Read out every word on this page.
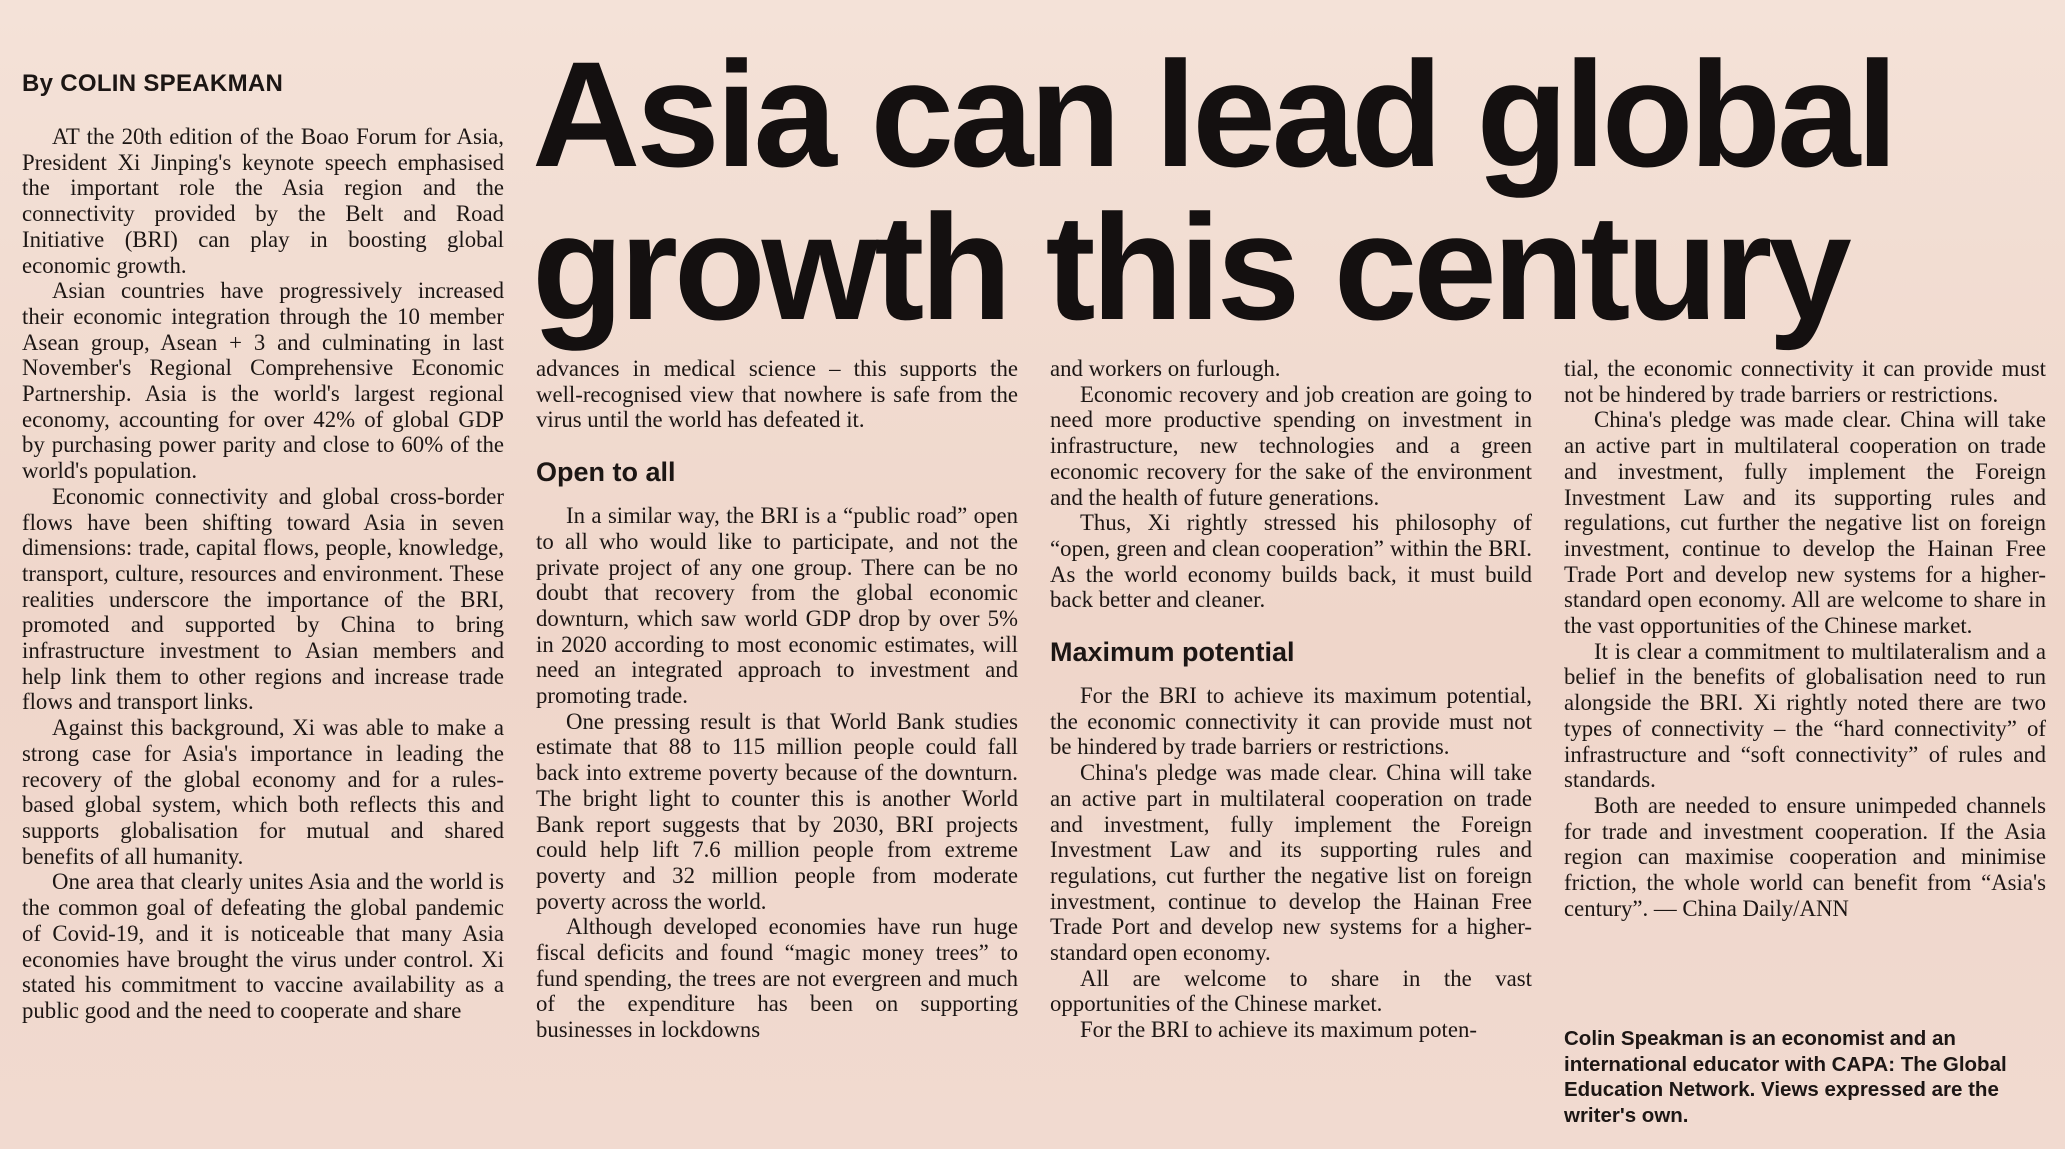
By COLIN SPEAKMAN Asia can lead global
growth this century

AT the 20th edition of the Boao Forum for Asia, President Xi Jinping's keynote speech emphasised the important role the Asia region and the connectivity provided by the Belt and Road Initiative (BRI) can play in boosting global economic growth.

Asian countries have progressively increased their economic integration through the 10 member Asean group, Asean + 3 and culminating in last November's Regional Comprehensive Economic Partnership. Asia is the world's largest regional economy, accounting for over 42% of global GDP by purchasing power parity and close to 60% of the world's population.

Economic connectivity and global cross-border flows have been shifting toward Asia in seven dimensions: trade, capital flows, people, knowledge, transport, culture, resources and environment. These realities underscore the importance of the BRI, promoted and supported by China to bring infrastructure investment to Asian members and help link them to other regions and increase trade flows and transport links.

Against this background, Xi was able to make a strong case for Asia's importance in leading the recovery of the global economy and for a rules-based global system, which both reflects this and supports globalisation for mutual and shared benefits of all humanity.

One area that clearly unites Asia and the world is the common goal of defeating the global pandemic of Covid-19, and it is noticeable that many Asia economies have brought the virus under control. Xi stated his commitment to vaccine availability as a public good and the need to cooperate and share

advances in medical science – this supports the well-recognised view that nowhere is safe from the virus until the world has defeated it.

Open to all

In a similar way, the BRI is a “public road” open to all who would like to participate, and not the private project of any one group. There can be no doubt that recovery from the global economic downturn, which saw world GDP drop by over 5% in 2020 according to most economic estimates, will need an integrated approach to investment and promoting trade.

One pressing result is that World Bank studies estimate that 88 to 115 million people could fall back into extreme poverty because of the downturn. The bright light to counter this is another World Bank report suggests that by 2030, BRI projects could help lift 7.6 million people from extreme poverty and 32 million people from moderate poverty across the world.

Although developed economies have run huge fiscal deficits and found “magic money trees” to fund spending, the trees are not evergreen and much of the expenditure has been on supporting businesses in lockdowns

and workers on furlough.

Economic recovery and job creation are going to need more productive spending on investment in infrastructure, new technologies and a green economic recovery for the sake of the environment and the health of future generations.

Thus, Xi rightly stressed his philosophy of “open, green and clean cooperation” within the BRI. As the world economy builds back, it must build back better and cleaner.

Maximum potential

For the BRI to achieve its maximum potential, the economic connectivity it can provide must not be hindered by trade barriers or restrictions.

China's pledge was made clear. China will take an active part in multilateral cooperation on trade and investment, fully implement the Foreign Investment Law and its supporting rules and regulations, cut further the negative list on foreign investment, continue to develop the Hainan Free Trade Port and develop new systems for a higher-standard open economy.

All are welcome to share in the vast opportunities of the Chinese market.

For the BRI to achieve its maximum poten-

tial, the economic connectivity it can provide must not be hindered by trade barriers or restrictions.

China's pledge was made clear. China will take an active part in multilateral cooperation on trade and investment, fully implement the Foreign Investment Law and its supporting rules and regulations, cut further the negative list on foreign investment, continue to develop the Hainan Free Trade Port and develop new systems for a higher-standard open economy. All are welcome to share in the vast opportunities of the Chinese market.

It is clear a commitment to multilateralism and a belief in the benefits of globalisation need to run alongside the BRI. Xi rightly noted there are two types of connectivity – the “hard connectivity” of infrastructure and “soft connectivity” of rules and standards.

Both are needed to ensure unimpeded channels for trade and investment cooperation. If the Asia region can maximise cooperation and minimise friction, the whole world can benefit from “Asia's century”. — China Daily/ANN

Colin Speakman is an economist and an international educator with CAPA: The Global Education Network. Views expressed are the writer's own.
